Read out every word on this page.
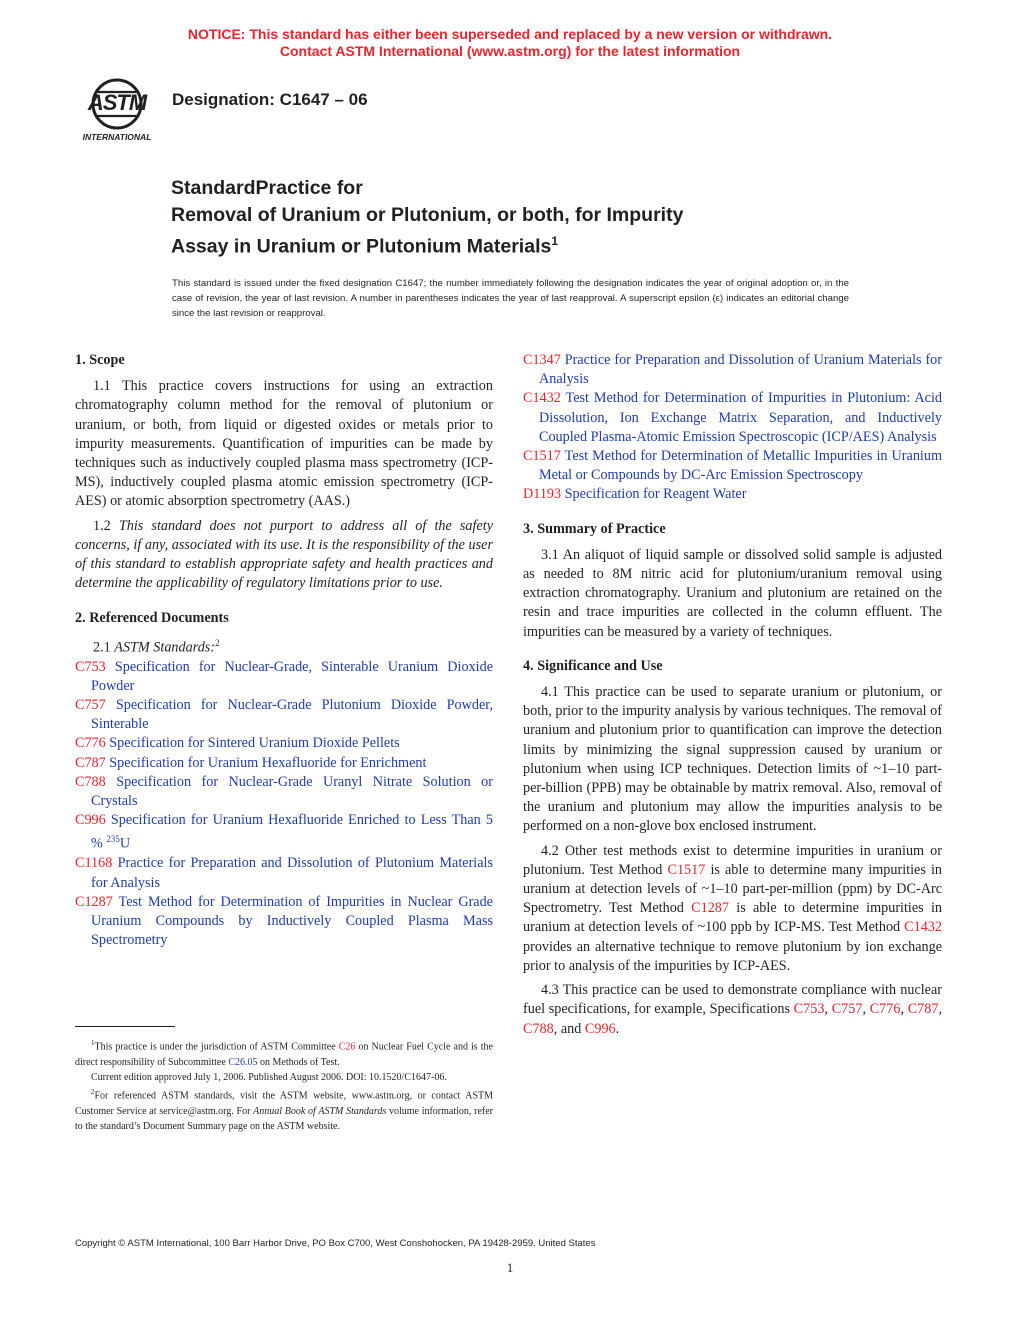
NOTICE: This standard has either been superseded and replaced by a new version or withdrawn.
Contact ASTM International (www.astm.org) for the latest information
ASTM
INTERNATIONAL
Designation: C1647 – 06
StandardPractice for
Removal of Uranium or Plutonium, or both, for Impurity
Assay in Uranium or Plutonium Materials$^1$
This standard is issued under the fixed designation C1647; the number immediately following the designation indicates the year of original adoption or, in the case of revision, the year of last revision. A number in parentheses indicates the year of last reapproval. A superscript epsilon (ε) indicates an editorial change since the last revision or reapproval.

1. Scope

1.1 This practice covers instructions for using an extraction chromatography column method for the removal of plutonium or uranium, or both, from liquid or digested oxides or metals prior to impurity measurements. Quantification of impurities can be made by techniques such as inductively coupled plasma mass spectrometry (ICP-MS), inductively coupled plasma atomic emission spectrometry (ICP-AES) or atomic absorption spectrometry (AAS.)

1.2 This standard does not purport to address all of the safety concerns, if any, associated with its use. It is the responsibility of the user of this standard to establish appropriate safety and health practices and determine the applicability of regulatory limitations prior to use.

2. Referenced Documents

2.1 ASTM Standards:$^2$

C753 Specification for Nuclear-Grade, Sinterable Uranium Dioxide Powder

C757 Specification for Nuclear-Grade Plutonium Dioxide Powder, Sinterable

C776 Specification for Sintered Uranium Dioxide Pellets

C787 Specification for Uranium Hexafluoride for Enrichment

C788 Specification for Nuclear-Grade Uranyl Nitrate Solution or Crystals

C996 Specification for Uranium Hexafluoride Enriched to Less Than 5 % $^{235}$U

C1168 Practice for Preparation and Dissolution of Plutonium Materials for Analysis

C1287 Test Method for Determination of Impurities in Nuclear Grade Uranium Compounds by Inductively Coupled Plasma Mass Spectrometry

$^1$This practice is under the jurisdiction of ASTM Committee C26 on Nuclear Fuel Cycle and is the direct responsibility of Subcommittee C26.05 on Methods of Test.

Current edition approved July 1, 2006. Published August 2006. DOI: 10.1520/C1647-06.

$^2$For referenced ASTM standards, visit the ASTM website, www.astm.org, or contact ASTM Customer Service at service@astm.org. For Annual Book of ASTM Standards volume information, refer to the standard’s Document Summary page on the ASTM website.

C1347 Practice for Preparation and Dissolution of Uranium Materials for Analysis

C1432 Test Method for Determination of Impurities in Plutonium: Acid Dissolution, Ion Exchange Matrix Separation, and Inductively Coupled Plasma-Atomic Emission Spectroscopic (ICP/AES) Analysis

C1517 Test Method for Determination of Metallic Impurities in Uranium Metal or Compounds by DC-Arc Emission Spectroscopy

D1193 Specification for Reagent Water

3. Summary of Practice

3.1 An aliquot of liquid sample or dissolved solid sample is adjusted as needed to 8M nitric acid for plutonium/uranium removal using extraction chromatography. Uranium and plutonium are retained on the resin and trace impurities are collected in the column effluent. The impurities can be measured by a variety of techniques.

4. Significance and Use

4.1 This practice can be used to separate uranium or plutonium, or both, prior to the impurity analysis by various techniques. The removal of uranium and plutonium prior to quantification can improve the detection limits by minimizing the signal suppression caused by uranium or plutonium when using ICP techniques. Detection limits of ~1–10 part-per-billion (PPB) may be obtainable by matrix removal. Also, removal of the uranium and plutonium may allow the impurities analysis to be performed on a non-glove box enclosed instrument.

4.2 Other test methods exist to determine impurities in uranium or plutonium. Test Method C1517 is able to determine many impurities in uranium at detection levels of ~1–10 part-per-million (ppm) by DC-Arc Spectrometry. Test Method C1287 is able to determine impurities in uranium at detection levels of ~100 ppb by ICP-MS. Test Method C1432 provides an alternative technique to remove plutonium by ion exchange prior to analysis of the impurities by ICP-AES.

4.3 This practice can be used to demonstrate compliance with nuclear fuel specifications, for example, Specifications C753, C757, C776, C787, C788, and C996.

Copyright © ASTM International, 100 Barr Harbor Drive, PO Box C700, West Conshohocken, PA 19428-2959. United States
1
